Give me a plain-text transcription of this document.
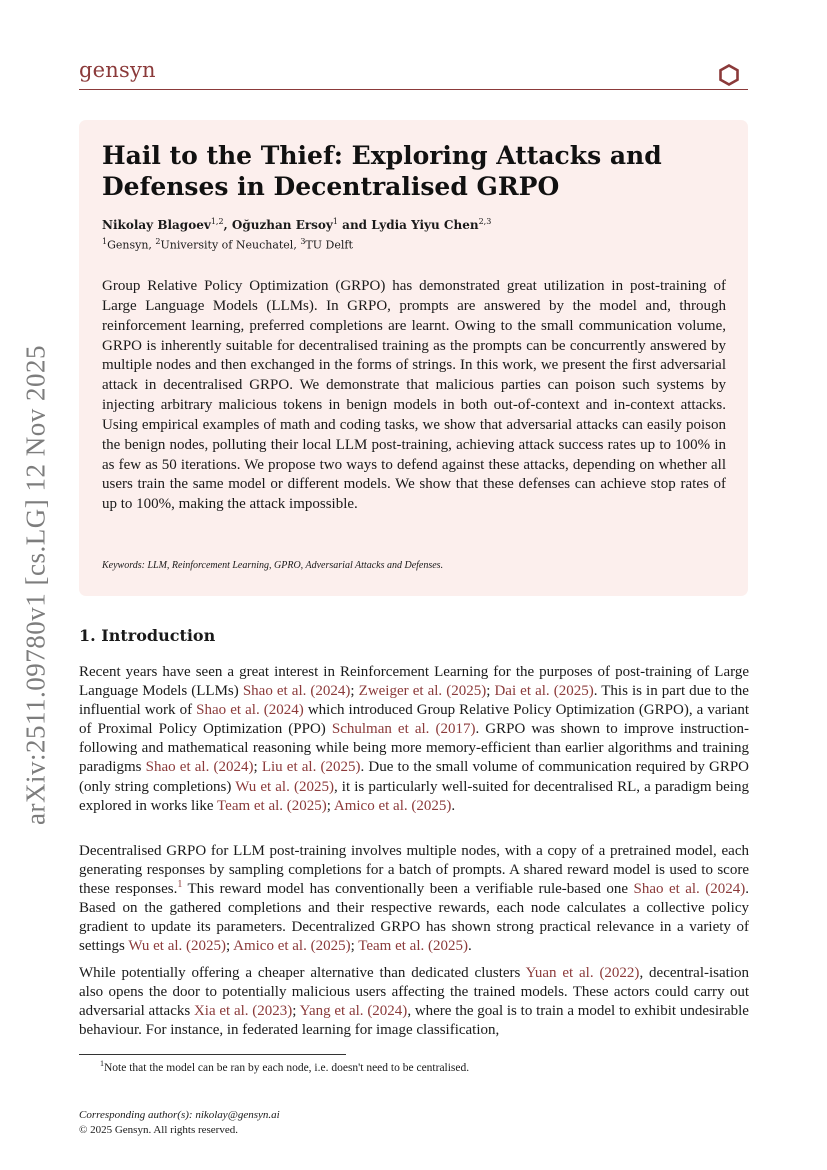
gensyn
arXiv:2511.09780v1 [cs.LG] 12 Nov 2025
Hail to the Thief: Exploring Attacks and Defenses in Decentralised GRPO
Nikolay Blagoev$^{1,2}$, Oğuzhan Ersoy$^1$ and Lydia Yiyu Chen$^{2,3}$
$^1$Gensyn, $^2$University of Neuchatel, $^3$TU Delft

Group Relative Policy Optimization (GRPO) has demonstrated great utilization in post-training of Large Language Models (LLMs). In GRPO, prompts are answered by the model and, through reinforcement learning, preferred completions are learnt. Owing to the small communication volume, GRPO is inherently suitable for decentralised training as the prompts can be concurrently answered by multiple nodes and then exchanged in the forms of strings. In this work, we present the first adversarial attack in decentralised GRPO. We demonstrate that malicious parties can poison such systems by injecting arbitrary malicious tokens in benign models in both out-of-context and in-context attacks. Using empirical examples of math and coding tasks, we show that adversarial attacks can easily poison the benign nodes, polluting their local LLM post-training, achieving attack success rates up to 100% in as few as 50 iterations. We propose two ways to defend against these attacks, depending on whether all users train the same model or different models. We show that these defenses can achieve stop rates of up to 100%, making the attack impossible.

Keywords: LLM, Reinforcement Learning, GPRO, Adversarial Attacks and Defenses.
1. Introduction

Recent years have seen a great interest in Reinforcement Learning for the purposes of post-training of Large Language Models (LLMs) Shao et al. (2024); Zweiger et al. (2025); Dai et al. (2025). This is in part due to the influential work of Shao et al. (2024) which introduced Group Relative Policy Optimization (GRPO), a variant of Proximal Policy Optimization (PPO) Schulman et al. (2017). GRPO was shown to improve instruction-following and mathematical reasoning while being more memory-efficient than earlier algorithms and training paradigms Shao et al. (2024); Liu et al. (2025). Due to the small volume of communication required by GRPO (only string completions) Wu et al. (2025), it is particularly well-suited for decentralised RL, a paradigm being explored in works like Team et al. (2025); Amico et al. (2025).

Decentralised GRPO for LLM post-training involves multiple nodes, with a copy of a pretrained model, each generating responses by sampling completions for a batch of prompts. A shared reward model is used to score these responses.$^1$ This reward model has conventionally been a verifiable rule-based one Shao et al. (2024). Based on the gathered completions and their respective rewards, each node calculates a collective policy gradient to update its parameters. Decentralized GRPO has shown strong practical relevance in a variety of settings Wu et al. (2025); Amico et al. (2025); Team et al. (2025).

While potentially offering a cheaper alternative than dedicated clusters Yuan et al. (2022), decentral-isation also opens the door to potentially malicious users affecting the trained models. These actors could carry out adversarial attacks Xia et al. (2023); Yang et al. (2024), where the goal is to train a model to exhibit undesirable behaviour. For instance, in federated learning for image classification,

$^1$Note that the model can be ran by each node, i.e. doesn't need to be centralised.
Corresponding author(s): nikolay@gensyn.ai
© 2025 Gensyn. All rights reserved.
